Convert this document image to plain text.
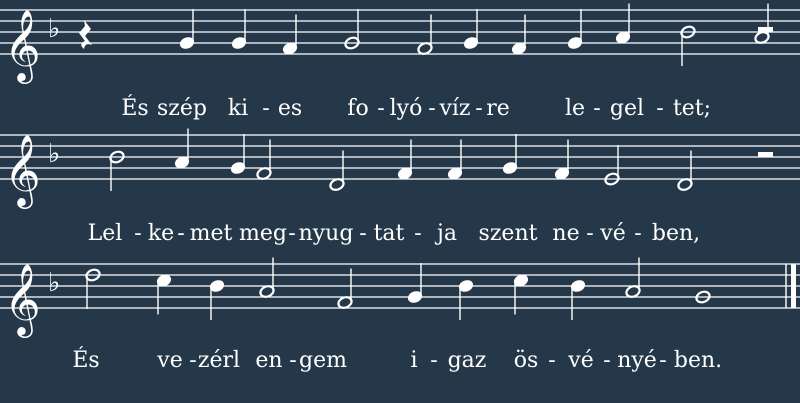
𝄞 ♭
𝄞 ♭
𝄞 ♭
És szép ki - es fo - lyó - víz - re	le - gel - tet;
Lel - ke - met meg - nyug - tat - ja szent ne - vé - ben,
És	ve - zérl en - gem	i - gaz ös - vé - nyé - ben.
